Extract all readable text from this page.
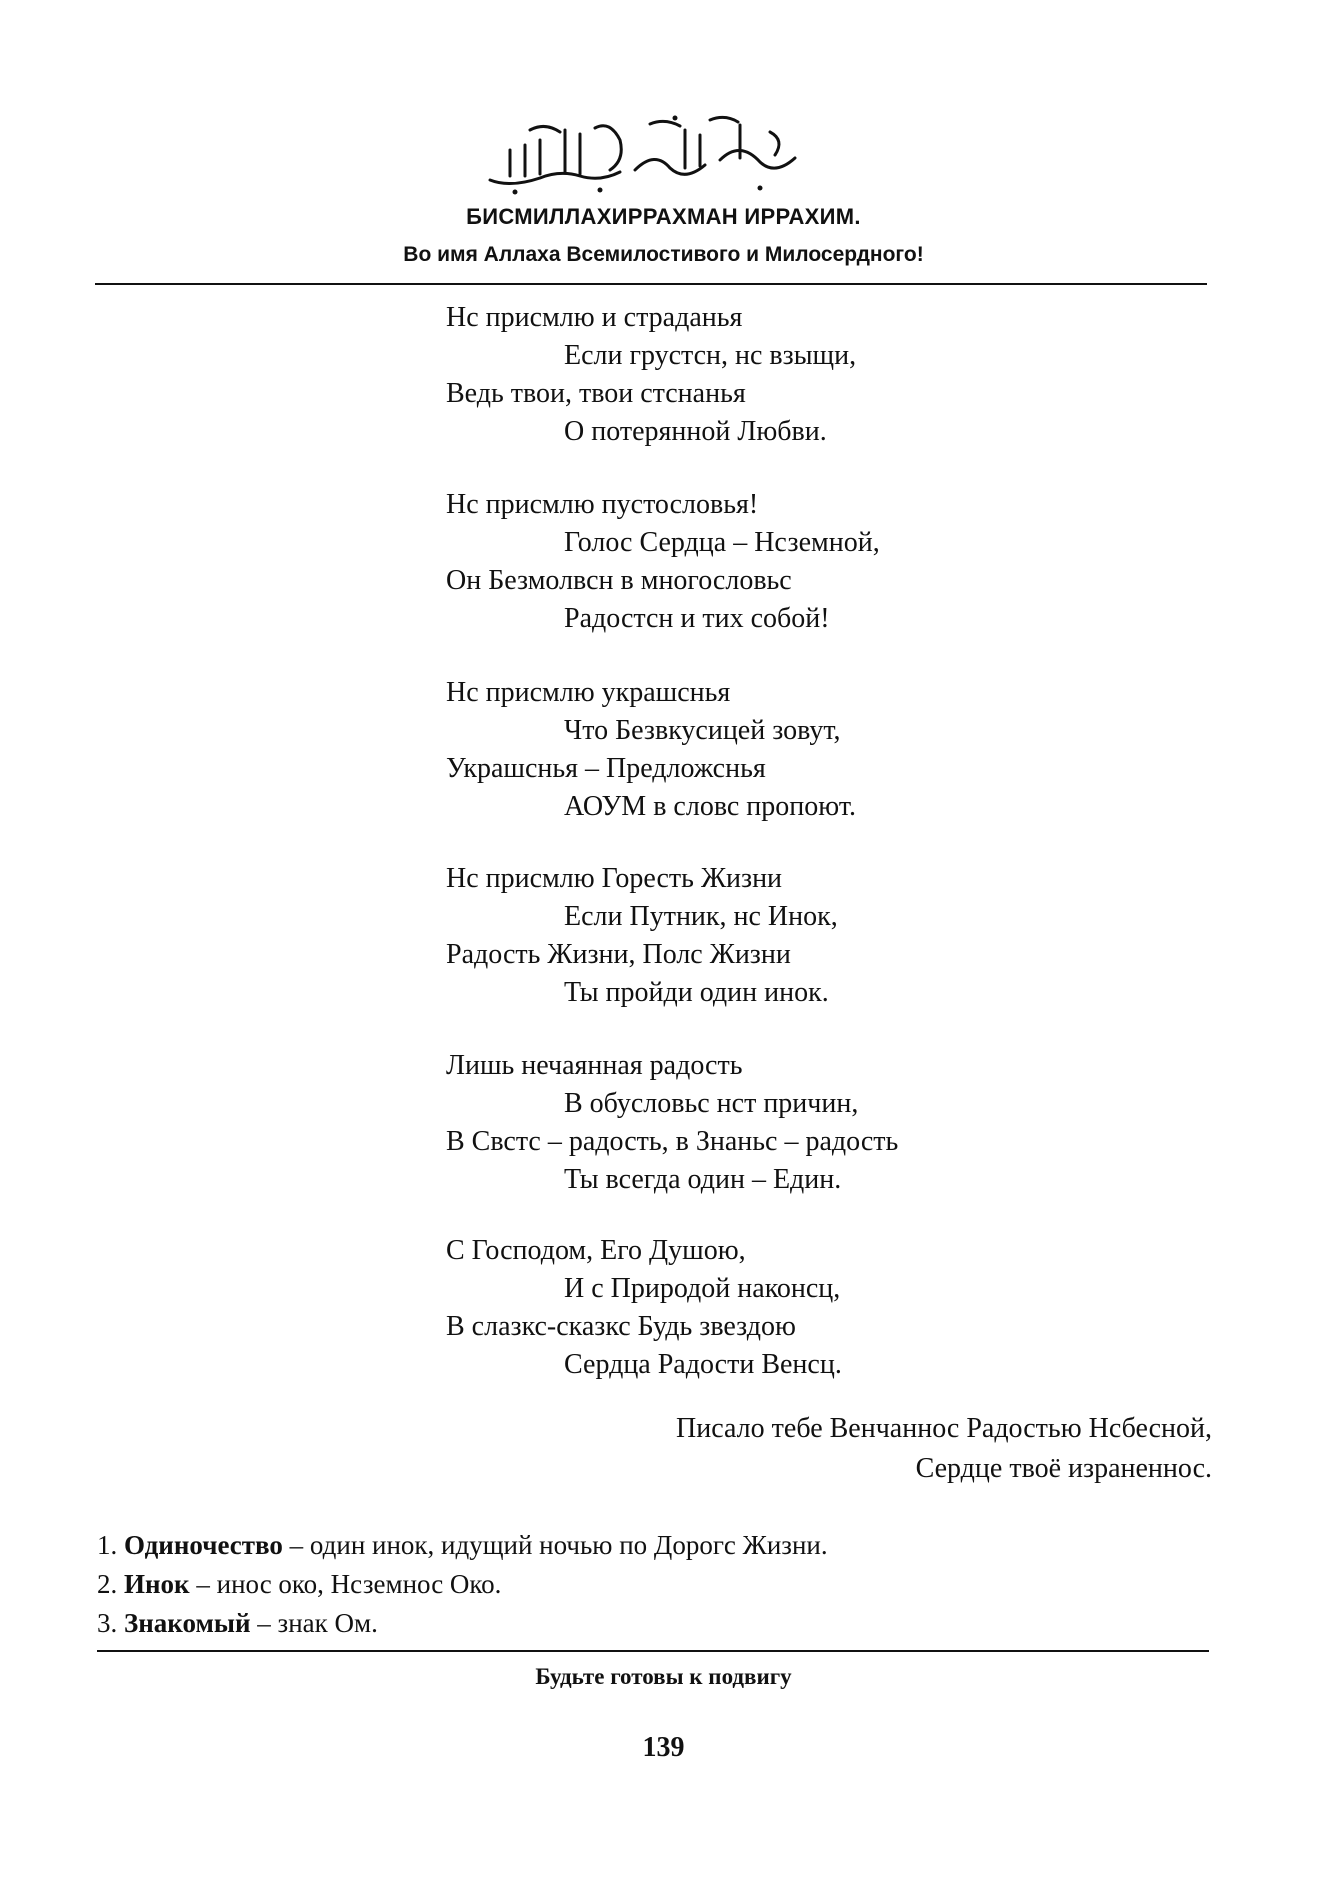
БИСМИЛЛАХИРРАХМАН ИРРАХИМ.
Во имя Аллаха Всемилостивого и Милосердного!
Нс присмлю и страданья
Если грустсн, нс взыщи,
Ведь твои, твои стснанья
О потерянной Любви.
Нс присмлю пустословья!
Голос Сердца – Нсземной,
Он Безмолвсн в многословьс
Радостсн и тих собой!
Нс присмлю украшснья
Что Безвкусицей зовут,
Украшснья – Предложснья
АОУМ в словс пропоют.
Нс присмлю Горесть Жизни
Если Путник, нс Инок,
Радость Жизни, Полс Жизни
Ты пройди один инок.
Лишь нечаянная радость
В обусловьс нст причин,
В Свстс – радость, в Знаньс – радость
Ты всегда один – Един.
С Господом, Его Душою,
И с Природой наконсц,
В слазкс-сказкс Будь звездою
Сердца Радости Венсц.
Писало тебе Венчаннос Радостью Нсбесной,
Сердце твоё израненнос.
1. Одиночество – один инок, идущий ночью по Дорогс Жизни.
2. Инок – инос око, Нсземнос Око.
3. Знакомый – знак Ом.
Будьте готовы к подвигу
139
